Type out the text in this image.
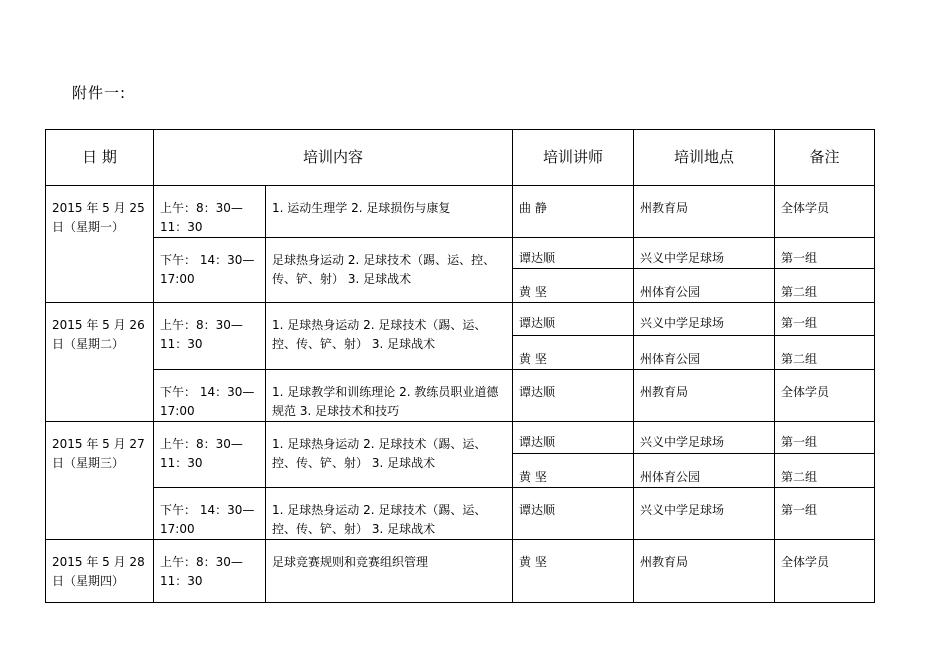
附件一:
日 期	培训内容		培训讲师	培训地点	备注

2015 年 5 月 25 日（星期一）	上午：8：30— 11：30	1. 运动生理学 2. 足球损伤与康复	曲 静	州教育局	全体学员

	下午： 14：30— 17:00	足球热身运动 2. 足球技术（踢、运、控、传、铲、射） 3. 足球战术	谭达顺	兴义中学足球场	第一组

			黄 坚	州体育公园	第二组

2015 年 5 月 26 日（星期二）	上午：8：30— 11：30	1. 足球热身运动 2. 足球技术（踢、运、控、传、铲、射） 3. 足球战术	谭达顺	兴义中学足球场	第一组

			黄 坚	州体育公园	第二组

	下午： 14：30— 17:00	1. 足球教学和训练理论 2. 教练员职业道德规范 3. 足球技术和技巧	谭达顺	州教育局	全体学员

2015 年 5 月 27 日（星期三）	上午：8：30— 11：30	1. 足球热身运动 2. 足球技术（踢、运、控、传、铲、射） 3. 足球战术	谭达顺	兴义中学足球场	第一组

			黄 坚	州体育公园	第二组

	下午： 14：30— 17:00	1. 足球热身运动 2. 足球技术（踢、运、控、传、铲、射） 3. 足球战术	谭达顺	兴义中学足球场	第一组

2015 年 5 月 28 日（星期四）	上午：8：30— 11：30	足球竞赛规则和竞赛组织管理	黄 坚	州教育局	全体学员
